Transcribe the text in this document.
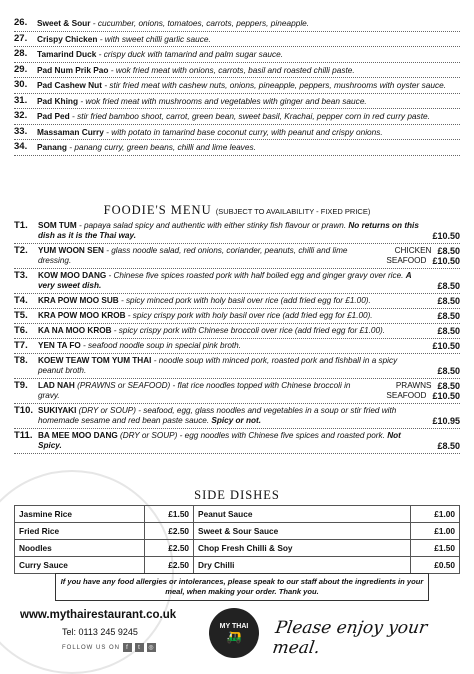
26.	Sweet & Sour - cucumber, onions, tomatoes, carrots, peppers, pineapple.
27.	Crispy Chicken - with sweet chilli garlic sauce.
28.	Tamarind Duck - crispy duck with tamarind and palm sugar sauce.
29.	Pad Num Prik Pao - wok fried meat with onions, carrots, basil and roasted chilli paste.
30.	Pad Cashew Nut - stir fried meat with cashew nuts, onions, pineapple, peppers, mushrooms with oyster sauce.
31.	Pad Khing - wok fried meat with mushrooms and vegetables with ginger and bean sauce.
32.	Pad Ped - stir fried bamboo shoot, carrot, green bean, sweet basil, Krachai, pepper corn in red curry paste.
33.	Massaman Curry - with potato in tamarind base coconut curry, with peanut and crispy onions.
34.	Panang - panang curry, green beans, chilli and lime leaves.
FOODIE'S MENU (SUBJECT TO AVAILABILITY - FIXED PRICE)
T1.	SOM TUM - papaya salad spicy and authentic with either stinky fish flavour or prawn. No returns on this dish as it is the Thai way.	£10.50
T2.	YUM WOON SEN - glass noodle salad, red onions, coriander, peanuts, chilli and lime dressing.
CHICKEN £8.50
SEAFOOD £10.50
T3.	KOW MOO DANG - Chinese five spices roasted pork with half boiled egg and ginger gravy over rice. A very sweet dish.	£8.50
T4.	KRA POW MOO SUB - spicy minced pork with holy basil over rice (add fried egg for £1.00).	£8.50
T5.	KRA POW MOO KROB - spicy crispy pork with holy basil over rice (add fried egg for £1.00).	£8.50
T6.	KA NA MOO KROB - spicy crispy pork with Chinese broccoli over rice (add fried egg for £1.00).	£8.50
T7.	YEN TA FO - seafood noodle soup in special pink broth.	£10.50
T8.	KOEW TEAW TOM YUM THAI - noodle soup with minced pork, roasted pork and fishball in a spicy peanut broth.	£8.50
T9.	LAD NAH (PRAWNS or SEAFOOD) - flat rice noodles topped with Chinese broccoli in gravy.
PRAWNS £8.50
SEAFOOD £10.50
T10. SUKIYAKI (DRY or SOUP) - seafood, egg, glass noodles and vegetables in a soup or stir fried with homemade sesame and red bean paste sauce. Spicy or not.	£10.95
T11. BA MEE MOO DANG (DRY or SOUP) - egg noodles with Chinese five spices and roasted pork. Not Spicy.	£8.50
SIDE DISHES
Jasmine Rice	£1.50	Peanut Sauce	£1.00
Fried Rice	£2.50	Sweet & Sour Sauce	£1.00
Noodles	£2.50	Chop Fresh Chilli & Soy	£1.50
Curry Sauce	£2.50	Dry Chilli	£0.50
If you have any food allergies or intolerances, please speak to our staff about the ingredients in your meal, when making your order. Thank you.
www.mythairestaurant.co.uk
Tel: 0113 245 9245
FOLLOW US ON	f	t	◎
MY THAI
🛺 Please enjoy your meal.
